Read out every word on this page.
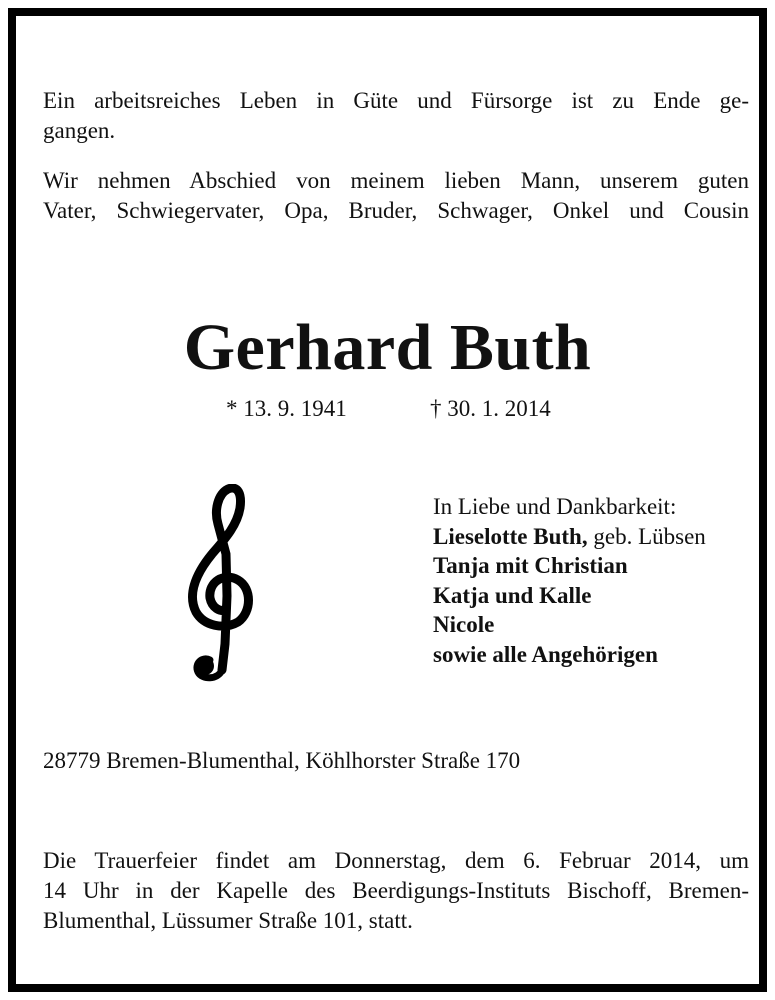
Ein arbeitsreiches Leben in Güte und Fürsorge ist zu Ende ge-
gangen.
Wir nehmen Abschied von meinem lieben Mann, unserem guten
Vater, Schwiegervater, Opa, Bruder, Schwager, Onkel und Cousin
Gerhard Buth
* 13. 9. 1941	† 30. 1. 2014
In Liebe und Dankbarkeit:
Lieselotte Buth, geb. Lübsen
Tanja mit Christian
Katja und Kalle
Nicole
sowie alle Angehörigen
28779 Bremen-Blumenthal, Köhlhorster Straße 170
Die Trauerfeier findet am Donnerstag, dem 6. Februar 2014, um
14 Uhr in der Kapelle des Beerdigungs-Instituts Bischoff, Bremen-
Blumenthal, Lüssumer Straße 101, statt.
